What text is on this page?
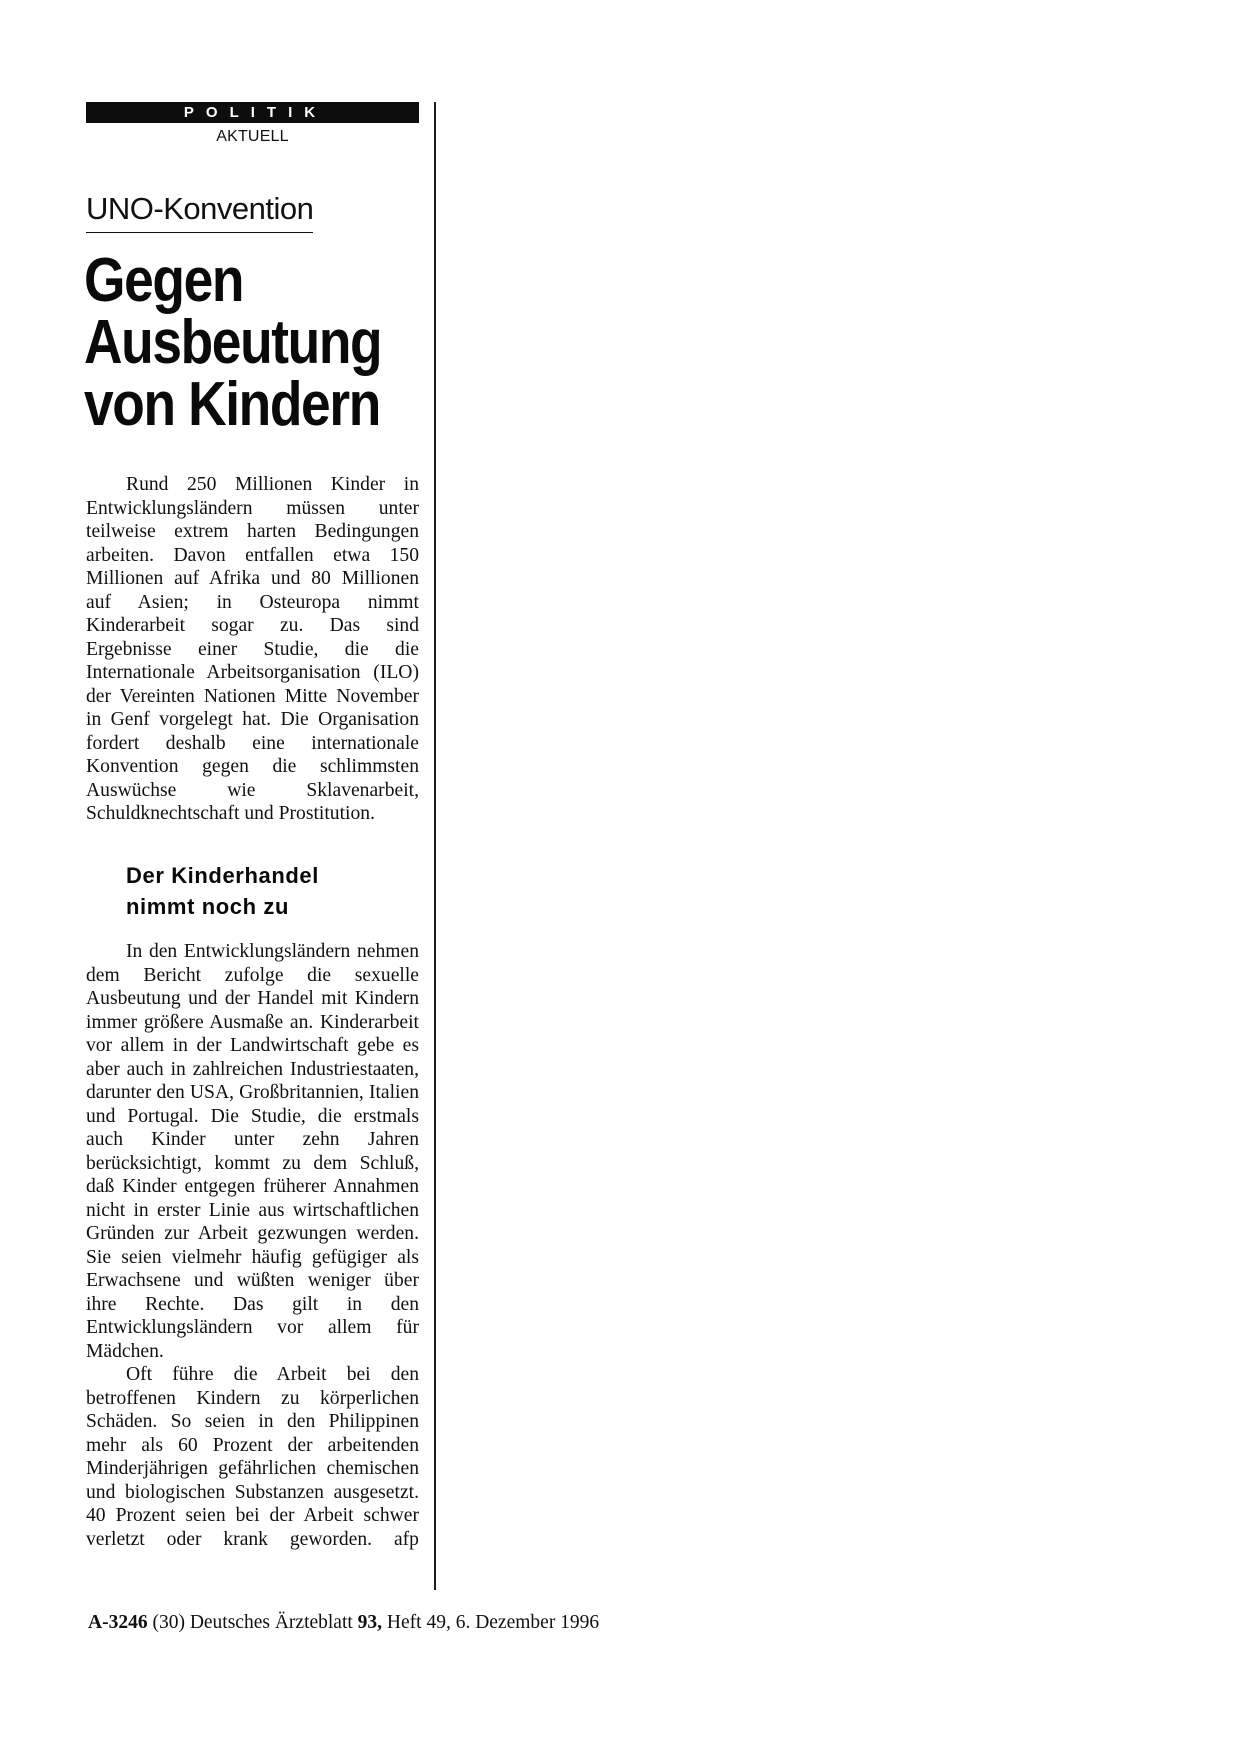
POLITIK
AKTUELL
UNO-Konvention
Gegen
Ausbeutung
von Kindern

Rund 250 Millionen Kinder in Entwicklungsländern müssen unter teilweise extrem harten Bedingungen arbeiten. Davon entfallen etwa 150 Millionen auf Afrika und 80 Millionen auf Asien; in Osteuropa nimmt Kinderarbeit sogar zu. Das sind Ergebnisse einer Studie, die die Internationale Arbeitsorganisation (ILO) der Vereinten Nationen Mitte November in Genf vorgelegt hat. Die Organisation fordert deshalb eine internationale Konvention gegen die schlimmsten Auswüchse wie Sklavenarbeit, Schuldknechtschaft und Prostitution.

Der Kinderhandel
nimmt noch zu

In den Entwicklungsländern nehmen dem Bericht zufolge die sexuelle Ausbeutung und der Handel mit Kindern immer größere Ausmaße an. Kinderarbeit vor allem in der Landwirtschaft gebe es aber auch in zahlreichen Industriestaaten, darunter den USA, Großbritannien, Italien und Portugal. Die Studie, die erstmals auch Kinder unter zehn Jahren berücksichtigt, kommt zu dem Schluß, daß Kinder entgegen früherer Annahmen nicht in erster Linie aus wirtschaftlichen Gründen zur Arbeit gezwungen werden. Sie seien vielmehr häufig gefügiger als Erwachsene und wüßten weniger über ihre Rechte. Das gilt in den Entwicklungsländern vor allem für Mädchen.

Oft führe die Arbeit bei den betroffenen Kindern zu körperlichen Schäden. So seien in den Philippinen mehr als 60 Prozent der arbeitenden Minderjährigen gefährlichen chemischen und biologischen Substanzen ausgesetzt. 40 Prozent seien bei der Arbeit schwer verletzt oder krank geworden. afp

A-3246 (30) Deutsches Ärzteblatt 93, Heft 49, 6. Dezember 1996
